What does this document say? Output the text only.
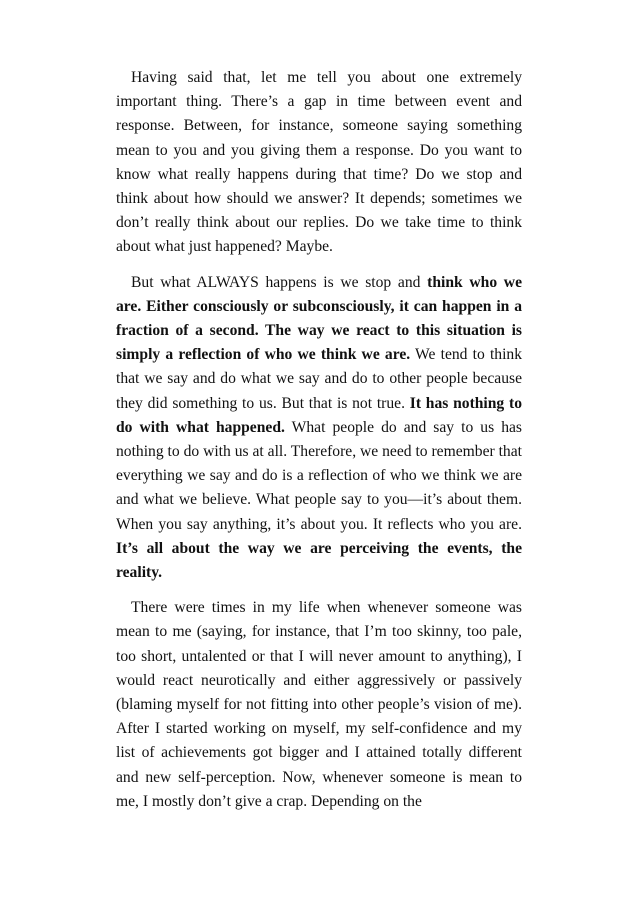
Having said that, let me tell you about one extremely important thing. There’s a gap in time between event and response. Between, for instance, someone saying something mean to you and you giving them a response. Do you want to know what really happens during that time? Do we stop and think about how should we answer? It depends; sometimes we don’t really think about our replies. Do we take time to think about what just happened? Maybe.

But what ALWAYS happens is we stop and think who we are. Either consciously or subconsciously, it can happen in a fraction of a second. The way we react to this situation is simply a reflection of who we think we are. We tend to think that we say and do what we say and do to other people because they did something to us. But that is not true. It has nothing to do with what happened. What people do and say to us has nothing to do with us at all. Therefore, we need to remember that everything we say and do is a reflection of who we think we are and what we believe. What people say to you—it’s about them. When you say anything, it’s about you. It reflects who you are. It’s all about the way we are perceiving the events, the reality.

There were times in my life when whenever someone was mean to me (saying, for instance, that I’m too skinny, too pale, too short, untalented or that I will never amount to anything), I would react neurotically and either aggressively or passively (blaming myself for not fitting into other people’s vision of me). After I started working on myself, my self-confidence and my list of achievements got bigger and I attained totally different and new self-perception. Now, whenever someone is mean to me, I mostly don’t give a crap. Depending on the
